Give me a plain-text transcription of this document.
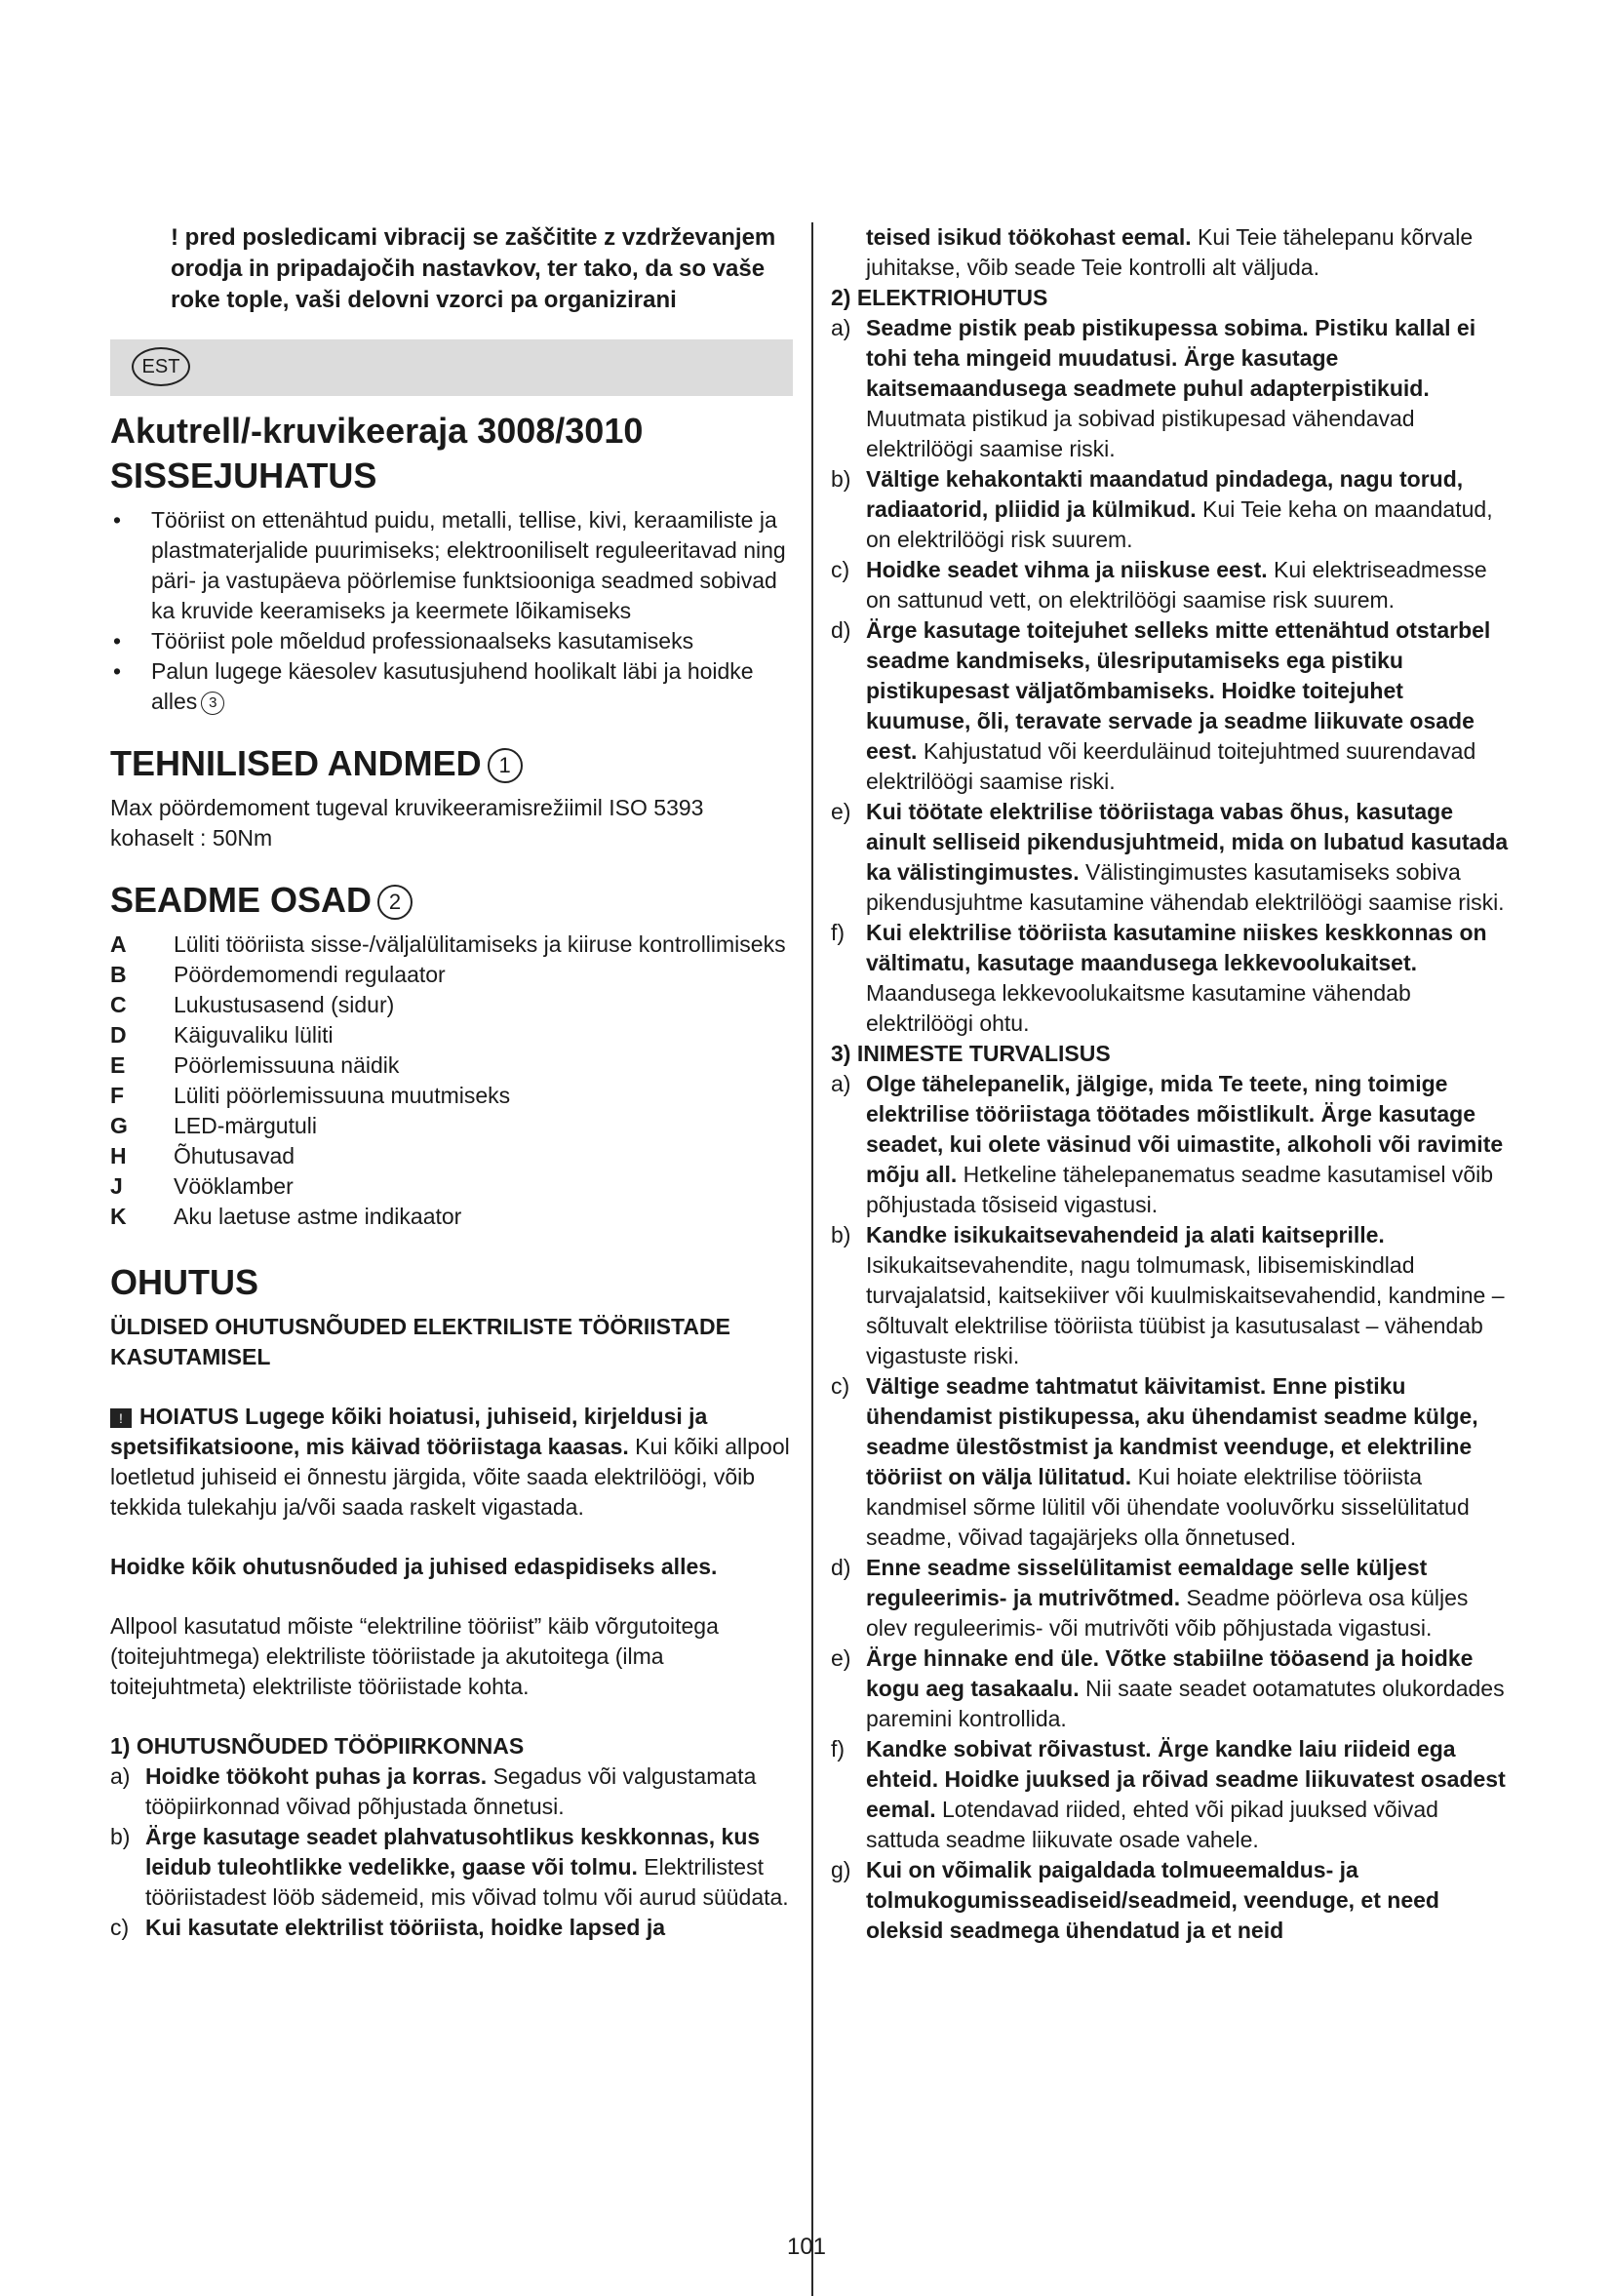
! pred poslediсami vibracij se zaščitite z vzdrževanjem orodja in pripadajočih nastavkov, ter tako, da so vaše roke tople, vaši delovni vzorci pa organizirani

EST
Akutrell/-kruvikeeraja 3008/3010
SISSEJUHATUS
• Tööriist on ettenähtud puidu, metalli, tellise, kivi, keraamiliste ja plastmaterjalide puurimiseks; elektrooniliselt reguleeritavad ning päri- ja vastupäeva pöörlemise funktsiooniga seadmed sobivad ka kruvide keeramiseks ja keermete lõikamiseks
• Tööriist pole mõeldud professionaalseks kasutamiseks
• Palun lugege käesolev kasutusjuhend hoolikalt läbi ja hoidke alles 3
TEHNILISED ANDMED 1

Max pöördemoment tugeval kruvikeeramisrežiimil ISO 5393 kohaselt : 50Nm

SEADME OSAD 2
A	Lüliti tööriista sisse-/väljalülitamiseks ja kiiruse kontrollimiseks
B	Pöördemomendi regulaator
C	Lukustusasend (sidur)
D	Käiguvaliku lüliti
E	Pöörlemissuuna näidik
F	Lüliti pöörlemissuuna muutmiseks
G	LED-märgutuli
H	Õhutusavad
J	Vööklamber
K	Aku laetuse astme indikaator
OHUTUS

ÜLDISED OHUTUSNÕUDED ELEKTRILISTE TÖÖRIISTADE KASUTAMISEL

! HOIATUS Lugege kõiki hoiatusi, juhiseid, kirjeldusi ja spetsifikatsioone, mis käivad tööriistaga kaasas. Kui kõiki allpool loetletud juhiseid ei õnnestu järgida, võite saada elektrilöögi, võib tekkida tulekahju ja/või saada raskelt vigastada.

Hoidke kõik ohutusnõuded ja juhised edaspidiseks alles.

Allpool kasutatud mõiste “elektriline tööriist” käib võrgutoitega (toitejuhtmega) elektriliste tööriistade ja akutoitega (ilma toitejuhtmeta) elektriliste tööriistade kohta.

1) OHUTUSNÕUDED TÖÖPIIRKONNAS

a) Hoidke töökoht puhas ja korras. Segadus või valgustamata tööpiirkonnad võivad põhjustada õnnetusi.
b) Ärge kasutage seadet plahvatusohtlikus keskkonnas, kus leidub tuleohtlikke vedelikke, gaase või tolmu. Elektrilistest tööriistadest lööb sädemeid, mis võivad tolmu või aurud süüdata.
c) Kui kasutate elektrilist tööriista, hoidke lapsed ja

teised isikud töökohast eemal. Kui Teie tähelepanu kõrvale juhitakse, võib seade Teie kontrolli alt väljuda.

2) ELEKTRIOHUTUS

a) Seadme pistik peab pistikupessa sobima. Pistiku kallal ei tohi teha mingeid muudatusi. Ärge kasutage kaitsemaandusega seadmete puhul adapterpistikuid. Muutmata pistikud ja sobivad pistikupesad vähendavad elektrilöögi saamise riski.
b) Vältige kehakontakti maandatud pindadega, nagu torud, radiaatorid, pliidid ja külmikud. Kui Teie keha on maandatud, on elektrilöögi risk suurem.
c) Hoidke seadet vihma ja niiskuse eest. Kui elektriseadmesse on sattunud vett, on elektrilöögi saamise risk suurem.
d) Ärge kasutage toitejuhet selleks mitte ettenähtud otstarbel seadme kandmiseks, ülesriputamiseks ega pistiku pistikupesast väljatõmbamiseks. Hoidke toitejuhet kuumuse, õli, teravate servade ja seadme liikuvate osade eest. Kahjustatud või keerduläinud toitejuhtmed suurendavad elektrilöögi saamise riski.
e) Kui töötate elektrilise tööriistaga vabas õhus, kasutage ainult selliseid pikendusjuhtmeid, mida on lubatud kasutada ka välistingimustes. Välistingimustes kasutamiseks sobiva pikendusjuhtme kasutamine vähendab elektrilöögi saamise riski.
f) Kui elektrilise tööriista kasutamine niiskes keskkonnas on vältimatu, kasutage maandusega lekkevoolukaitset. Maandusega lekkevoolukaitsme kasutamine vähendab elektrilöögi ohtu.

3) INIMESTE TURVALISUS

a) Olge tähelepanelik, jälgige, mida Te teete, ning toimige elektrilise tööriistaga töötades mõistlikult. Ärge kasutage seadet, kui olete väsinud või uimastite, alkoholi või ravimite mõju all. Hetkeline tähelepanematus seadme kasutamisel võib põhjustada tõsiseid vigastusi.
b) Kandke isikukaitsevahendeid ja alati kaitseprille. Isikukaitsevahendite, nagu tolmumask, libisemiskindlad turvajalatsid, kaitsekiiver või kuulmiskaitsevahendid, kandmine – sõltuvalt elektrilise tööriista tüübist ja kasutusalast – vähendab vigastuste riski.
c) Vältige seadme tahtmatut käivitamist. Enne pistiku ühendamist pistikupessa, aku ühendamist seadme külge, seadme ülestõstmist ja kandmist veenduge, et elektriline tööriist on välja lülitatud. Kui hoiate elektrilise tööriista kandmisel sõrme lülitil või ühendate vooluvõrku sisselülitatud seadme, võivad tagajärjeks olla õnnetused.
d) Enne seadme sisselülitamist eemaldage selle küljest reguleerimis- ja mutrivõtmed. Seadme pöörleva osa küljes olev reguleerimis- või mutrivõti võib põhjustada vigastusi.
e) Ärge hinnake end üle. Võtke stabiilne tööasend ja hoidke kogu aeg tasakaalu. Nii saate seadet ootamatutes olukordades paremini kontrollida.
f) Kandke sobivat rõivastust. Ärge kandke laiu riideid ega ehteid. Hoidke juuksed ja rõivad seadme liikuvatest osadest eemal. Lotendavad riided, ehted või pikad juuksed võivad sattuda seadme liikuvate osade vahele.
g) Kui on võimalik paigaldada tolmueemaldus- ja tolmukogumisseadiseid/seadmeid, veenduge, et need oleksid seadmega ühendatud ja et neid
101
